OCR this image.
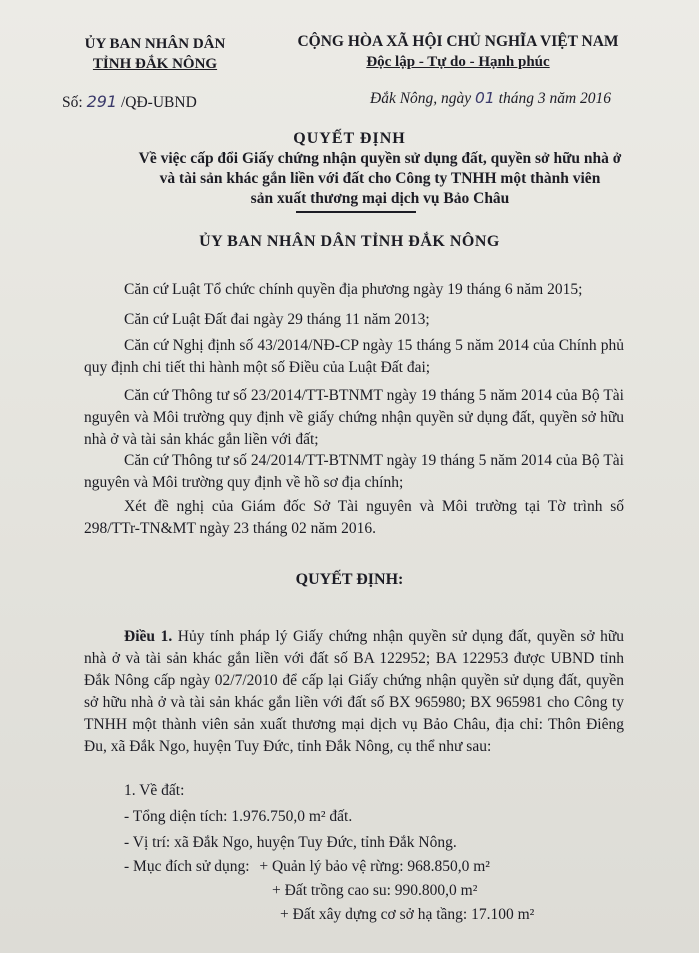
ỦY BAN NHÂN DÂN
TỈNH ĐẮK NÔNG
CỘNG HÒA XÃ HỘI CHỦ NGHĨA VIỆT NAM
Độc lập - Tự do - Hạnh phúc
Số: 291 /QĐ-UBND	Đắk Nông, ngày 01 tháng 3 năm 2016
QUYẾT ĐỊNH
Về việc cấp đổi Giấy chứng nhận quyền sử dụng đất, quyền sở hữu nhà ở
và tài sản khác gắn liền với đất cho Công ty TNHH một thành viên
sản xuất thương mại dịch vụ Bảo Châu
ỦY BAN NHÂN DÂN TỈNH ĐẮK NÔNG
Căn cứ Luật Tổ chức chính quyền địa phương ngày 19 tháng 6 năm 2015;
Căn cứ Luật Đất đai ngày 29 tháng 11 năm 2013;
Căn cứ Nghị định số 43/2014/NĐ-CP ngày 15 tháng 5 năm 2014 của Chính phủ quy định chi tiết thi hành một số Điều của Luật Đất đai;
Căn cứ Thông tư số 23/2014/TT-BTNMT ngày 19 tháng 5 năm 2014 của Bộ Tài nguyên và Môi trường quy định về giấy chứng nhận quyền sử dụng đất, quyền sở hữu nhà ở và tài sản khác gắn liền với đất;
Căn cứ Thông tư số 24/2014/TT-BTNMT ngày 19 tháng 5 năm 2014 của Bộ Tài nguyên và Môi trường quy định về hồ sơ địa chính;
Xét đề nghị của Giám đốc Sở Tài nguyên và Môi trường tại Tờ trình số 298/TTr-TN&MT ngày 23 tháng 02 năm 2016.
QUYẾT ĐỊNH:
Điều 1. Hủy tính pháp lý Giấy chứng nhận quyền sử dụng đất, quyền sở hữu nhà ở và tài sản khác gắn liền với đất số BA 122952; BA 122953 được UBND tỉnh Đắk Nông cấp ngày 02/7/2010 để cấp lại Giấy chứng nhận quyền sử dụng đất, quyền sở hữu nhà ở và tài sản khác gắn liền với đất số BX 965980; BX 965981 cho Công ty TNHH một thành viên sản xuất thương mại dịch vụ Bảo Châu, địa chỉ: Thôn Điêng Đu, xã Đắk Ngo, huyện Tuy Đức, tỉnh Đắk Nông, cụ thể như sau:
1. Về đất:
- Tổng diện tích: 1.976.750,0 m² đất.
- Vị trí: xã Đắk Ngo, huyện Tuy Đức, tỉnh Đắk Nông.
- Mục đích sử dụng: + Quản lý bảo vệ rừng: 968.850,0 m²
+ Đất trồng cao su: 990.800,0 m²
+ Đất xây dựng cơ sở hạ tầng: 17.100 m²
